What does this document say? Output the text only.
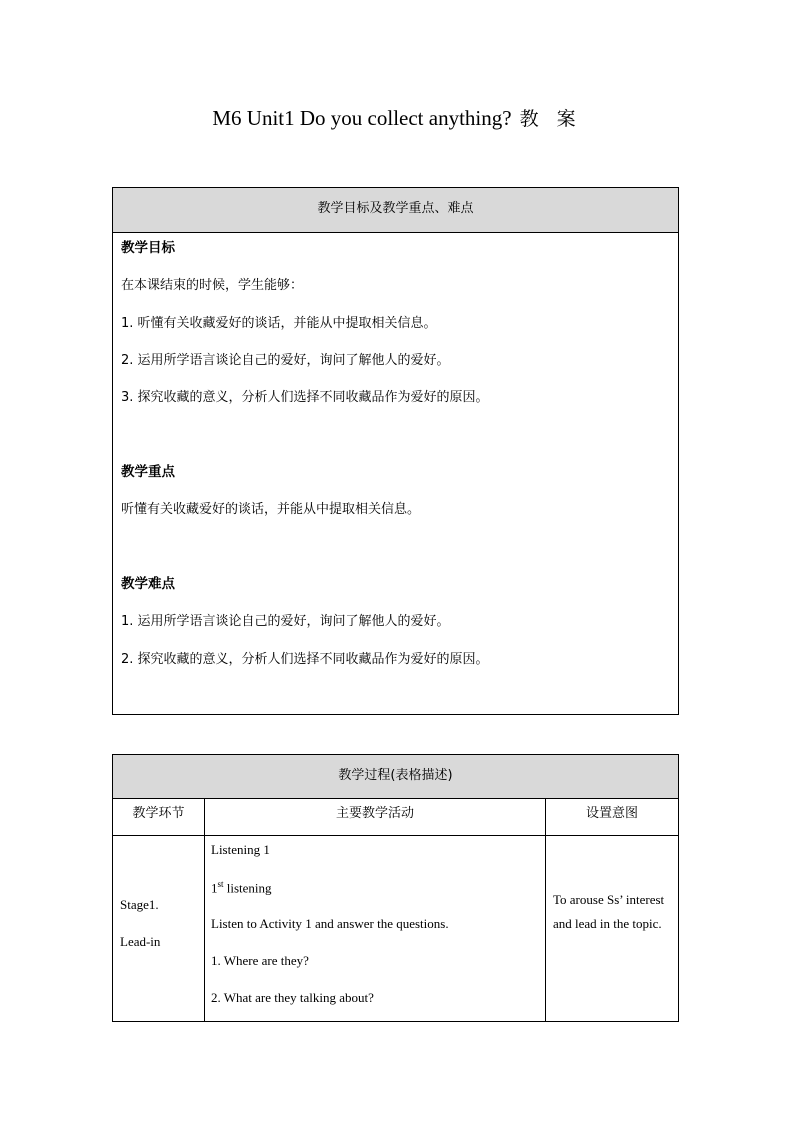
M6 Unit1 Do you collect anything? 教 案
教学目标及教学重点、难点
教学目标
在本课结束的时候，学生能够：
1. 听懂有关收藏爱好的谈话，并能从中提取相关信息。
2. 运用所学语言谈论自己的爱好，询问了解他人的爱好。
3. 探究收藏的意义，分析人们选择不同收藏品作为爱好的原因。
教学重点
听懂有关收藏爱好的谈话，并能从中提取相关信息。
教学难点
1. 运用所学语言谈论自己的爱好，询问了解他人的爱好。
2. 探究收藏的意义，分析人们选择不同收藏品作为爱好的原因。
教学过程(表格描述)
教学环节	主要教学活动	设置意图
Stage1.
Lead-in
Listening 1
1st listening
Listen to Activity 1 and answer the questions.
1. Where are they?
2. What are they talking about?
To arouse Ss’ interest and lead in the topic.
